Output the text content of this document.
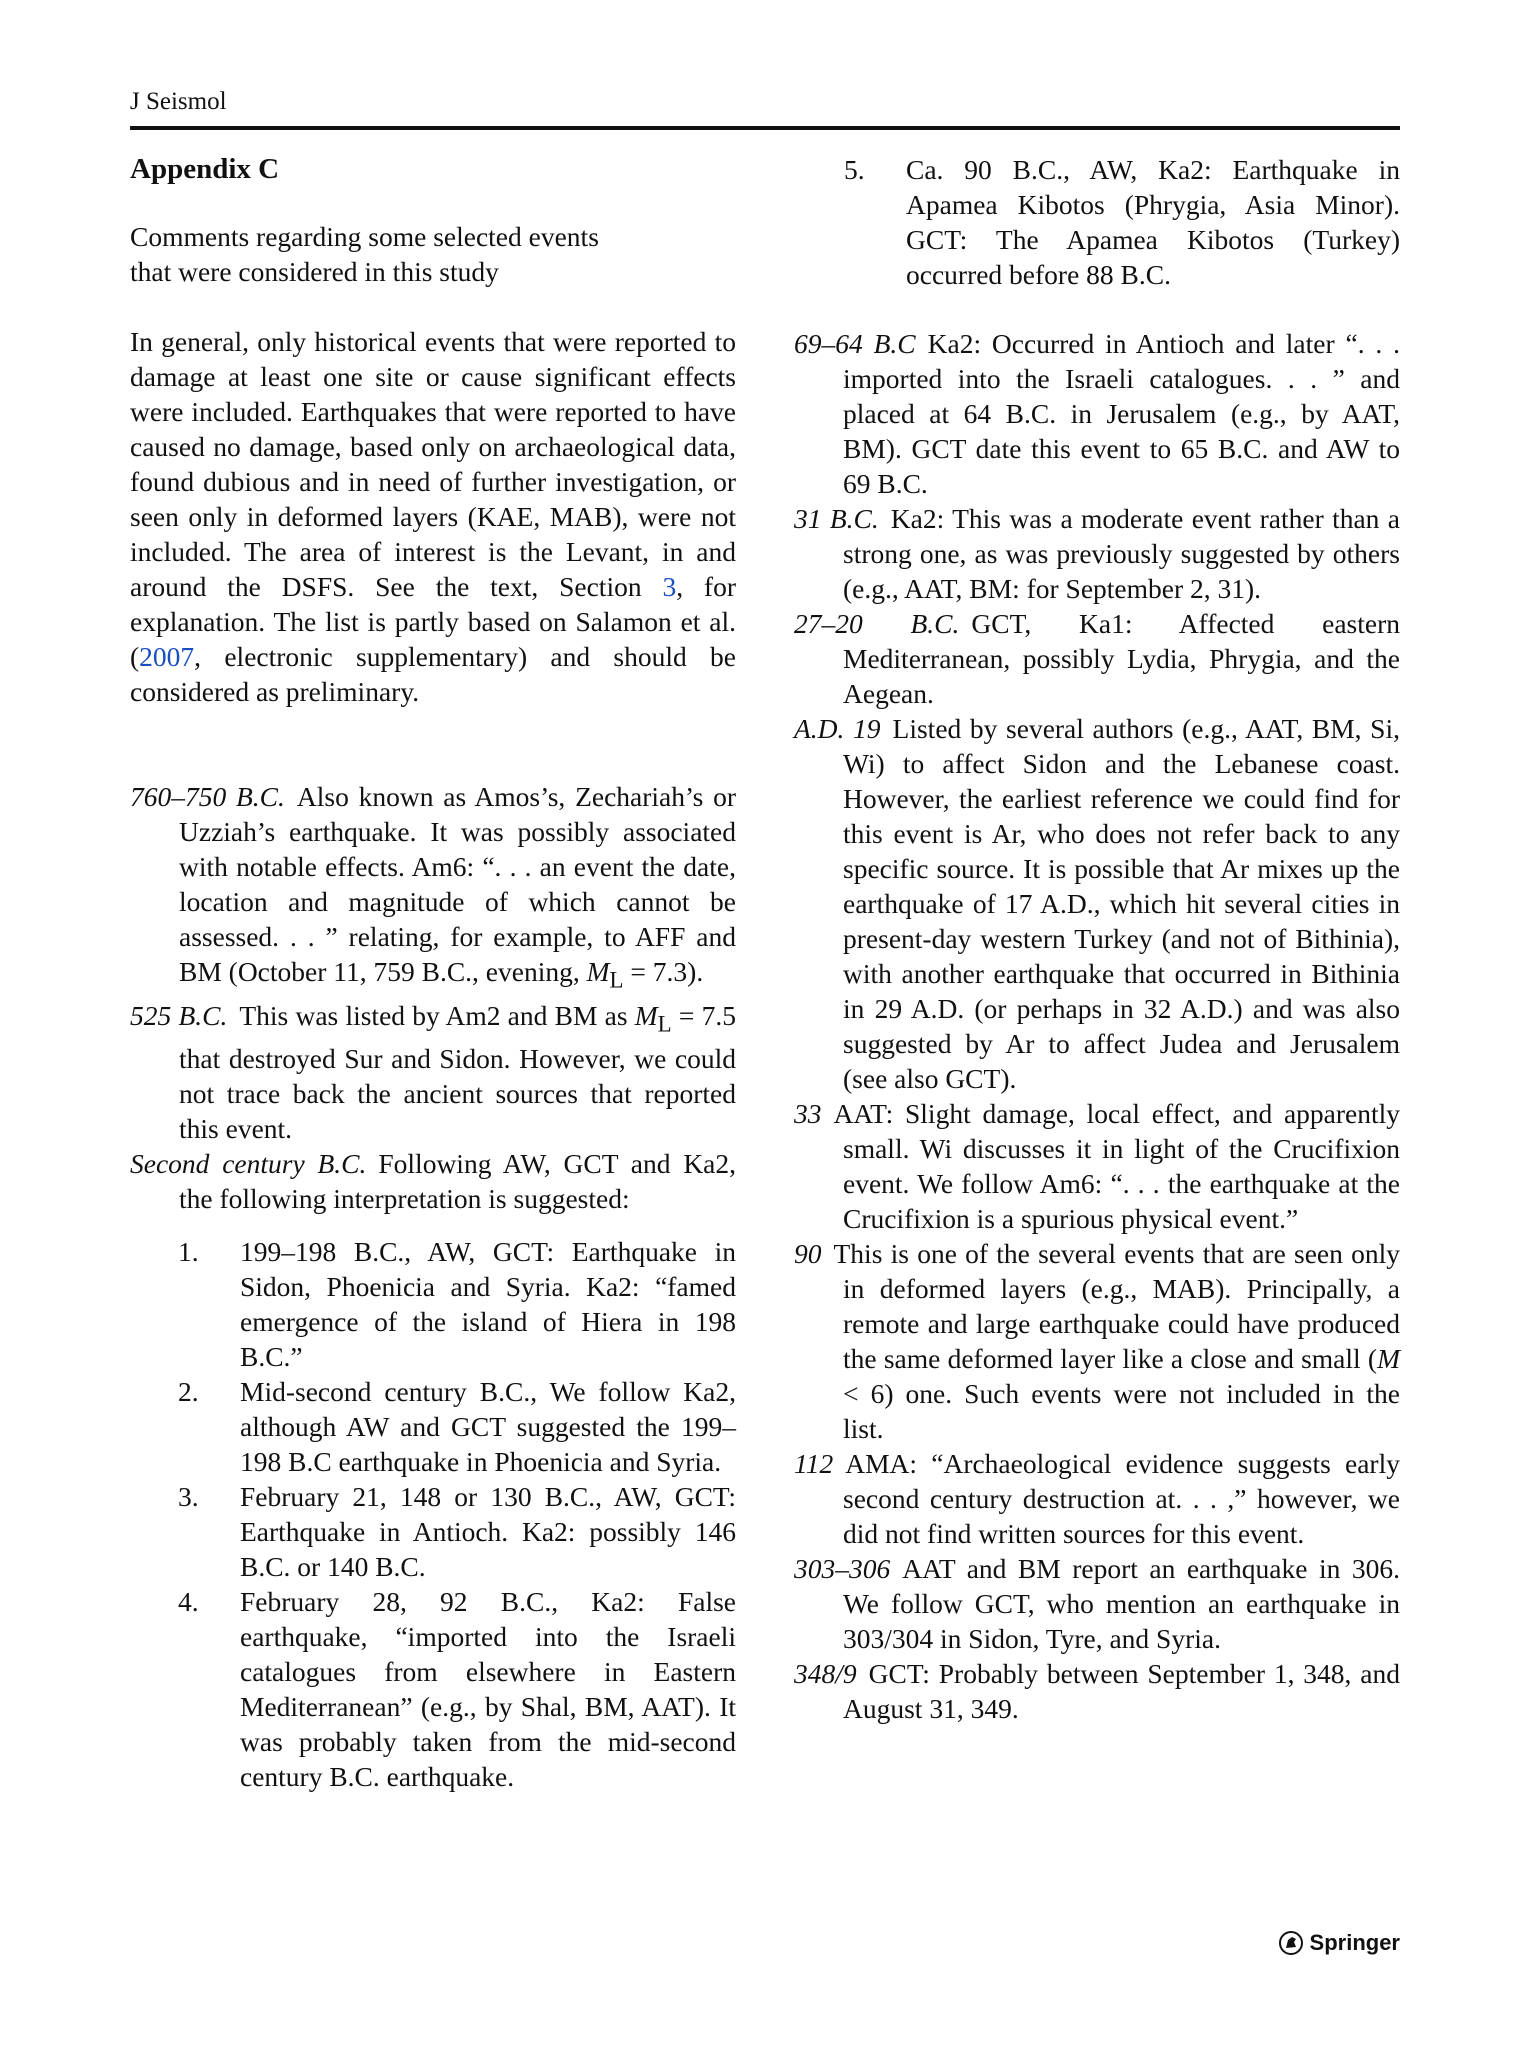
J Seismol
Appendix C
Comments regarding some selected events
that were considered in this study

In general, only historical events that were reported to damage at least one site or cause significant effects were included. Earthquakes that were reported to have caused no damage, based only on archaeological data, found dubious and in need of further investigation, or seen only in deformed layers (KAE, MAB), were not included. The area of interest is the Levant, in and around the DSFS. See the text, Section 3, for explanation. The list is partly based on Salamon et al. (2007, electronic supplementary) and should be considered as preliminary.

760–750 B.C. Also known as Amos’s, Zechariah’s or Uzziah’s earthquake. It was possibly associated with notable effects. Am6: “. . . an event the date, location and magnitude of which cannot be assessed. . . ” relating, for example, to AFF and BM (October 11, 759 B.C., evening, $M_L = 7.3$).

525 B.C. This was listed by Am2 and BM as $M_L = 7.5$ that destroyed Sur and Sidon. However, we could not trace back the ancient sources that reported this event.

Second century B.C. Following AW, GCT and Ka2, the following interpretation is suggested:

1. 199–198 B.C., AW, GCT: Earthquake in Sidon, Phoenicia and Syria. Ka2: “famed emergence of the island of Hiera in 198 B.C.”

2. Mid-second century B.C., We follow Ka2, although AW and GCT suggested the 199–198 B.C earthquake in Phoenicia and Syria.

3. February 21, 148 or 130 B.C., AW, GCT: Earthquake in Antioch. Ka2: possibly 146 B.C. or 140 B.C.

4. February 28, 92 B.C., Ka2: False earthquake, “imported into the Israeli catalogues from elsewhere in Eastern Mediterranean” (e.g., by Shal, BM, AAT). It was probably taken from the mid-second century B.C. earthquake.

5. Ca. 90 B.C., AW, Ka2: Earthquake in Apamea Kibotos (Phrygia, Asia Minor). GCT: The Apamea Kibotos (Turkey) occurred before 88 B.C.

69–64 B.C Ka2: Occurred in Antioch and later “. . . imported into the Israeli catalogues. . . ” and placed at 64 B.C. in Jerusalem (e.g., by AAT, BM). GCT date this event to 65 B.C. and AW to 69 B.C.

31 B.C. Ka2: This was a moderate event rather than a strong one, as was previously suggested by others (e.g., AAT, BM: for September 2, 31).

27–20 B.C. GCT, Ka1: Affected eastern Mediterranean, possibly Lydia, Phrygia, and the Aegean.

A.D. 19 Listed by several authors (e.g., AAT, BM, Si, Wi) to affect Sidon and the Lebanese coast. However, the earliest reference we could find for this event is Ar, who does not refer back to any specific source. It is possible that Ar mixes up the earthquake of 17 A.D., which hit several cities in present-day western Turkey (and not of Bithinia), with another earthquake that occurred in Bithinia in 29 A.D. (or perhaps in 32 A.D.) and was also suggested by Ar to affect Judea and Jerusalem (see also GCT).

33 AAT: Slight damage, local effect, and apparently small. Wi discusses it in light of the Crucifixion event. We follow Am6: “. . . the earthquake at the Crucifixion is a spurious physical event.”

90 This is one of the several events that are seen only in deformed layers (e.g., MAB). Principally, a remote and large earthquake could have produced the same deformed layer like a close and small (M < 6) one. Such events were not included in the list.

112 AMA: “Archaeological evidence suggests early second century destruction at. . . ,” however, we did not find written sources for this event.

303–306 AAT and BM report an earthquake in 306. We follow GCT, who mention an earthquake in 303/304 in Sidon, Tyre, and Syria.

348/9 GCT: Probably between September 1, 348, and August 31, 349.

Springer
